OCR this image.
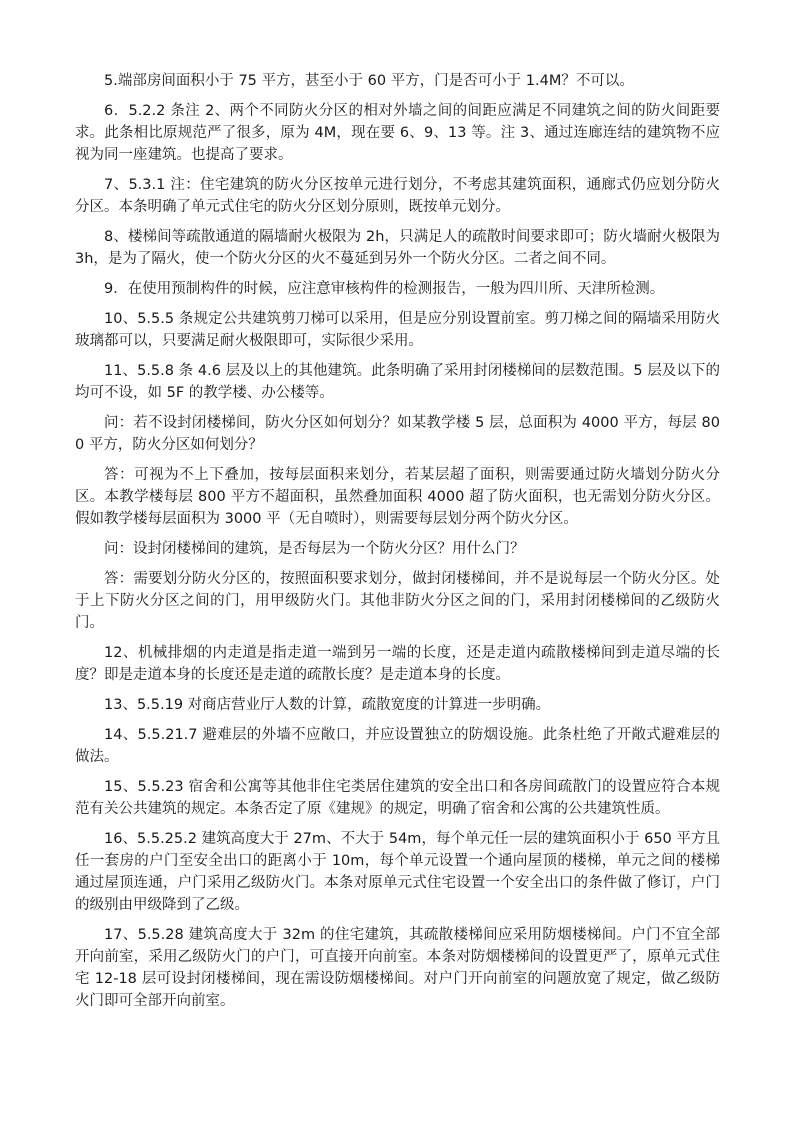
5.端部房间面积小于 75 平方，甚至小于 60 平方，门是否可小于 1.4M？不可以。

6．5.2.2 条注 2、两个不同防火分区的相对外墙之间的间距应满足不同建筑之间的防火间距要求。此条相比原规范严了很多，原为 4M，现在要 6、9、13 等。注 3、通过连廊连结的建筑物不应视为同一座建筑。也提高了要求。

7、5.3.1 注：住宅建筑的防火分区按单元进行划分，不考虑其建筑面积，通廊式仍应划分防火分区。本条明确了单元式住宅的防火分区划分原则，既按单元划分。

8、楼梯间等疏散通道的隔墙耐火极限为 2h，只满足人的疏散时间要求即可；防火墙耐火极限为 3h，是为了隔火，使一个防火分区的火不蔓延到另外一个防火分区。二者之间不同。

9．在使用预制构件的时候，应注意审核构件的检测报告，一般为四川所、天津所检测。

10、5.5.5 条规定公共建筑剪刀梯可以采用，但是应分别设置前室。剪刀梯之间的隔墙采用防火玻璃都可以，只要满足耐火极限即可，实际很少采用。

11、5.5.8 条 4.6 层及以上的其他建筑。此条明确了采用封闭楼梯间的层数范围。5 层及以下的均可不设，如 5F 的教学楼、办公楼等。

问：若不设封闭楼梯间，防火分区如何划分？如某教学楼 5 层，总面积为 4000 平方，每层 800 平方，防火分区如何划分？

答：可视为不上下叠加，按每层面积来划分，若某层超了面积，则需要通过防火墙划分防火分区。本教学楼每层 800 平方不超面积，虽然叠加面积 4000 超了防火面积，也无需划分防火分区。假如教学楼每层面积为 3000 平（无自喷时），则需要每层划分两个防火分区。

问：设封闭楼梯间的建筑，是否每层为一个防火分区？用什么门？

答：需要划分防火分区的，按照面积要求划分，做封闭楼梯间，并不是说每层一个防火分区。处于上下防火分区之间的门，用甲级防火门。其他非防火分区之间的门，采用封闭楼梯间的乙级防火门。

12、机械排烟的内走道是指走道一端到另一端的长度，还是走道内疏散楼梯间到走道尽端的长度？即是走道本身的长度还是走道的疏散长度？是走道本身的长度。

13、5.5.19 对商店营业厅人数的计算，疏散宽度的计算进一步明确。

14、5.5.21.7 避难层的外墙不应敞口，并应设置独立的防烟设施。此条杜绝了开敞式避难层的做法。

15、5.5.23 宿舍和公寓等其他非住宅类居住建筑的安全出口和各房间疏散门的设置应符合本规范有关公共建筑的规定。本条否定了原《建规》的规定，明确了宿舍和公寓的公共建筑性质。

16、5.5.25.2 建筑高度大于 27m、不大于 54m，每个单元任一层的建筑面积小于 650 平方且任一套房的户门至安全出口的距离小于 10m，每个单元设置一个通向屋顶的楼梯，单元之间的楼梯通过屋顶连通，户门采用乙级防火门。本条对原单元式住宅设置一个安全出口的条件做了修订，户门的级别由甲级降到了乙级。

17、5.5.28 建筑高度大于 32m 的住宅建筑，其疏散楼梯间应采用防烟楼梯间。户门不宜全部开向前室，采用乙级防火门的户门，可直接开向前室。本条对防烟楼梯间的设置更严了，原单元式住宅 12-18 层可设封闭楼梯间，现在需设防烟楼梯间。对户门开向前室的问题放宽了规定，做乙级防火门即可全部开向前室。
